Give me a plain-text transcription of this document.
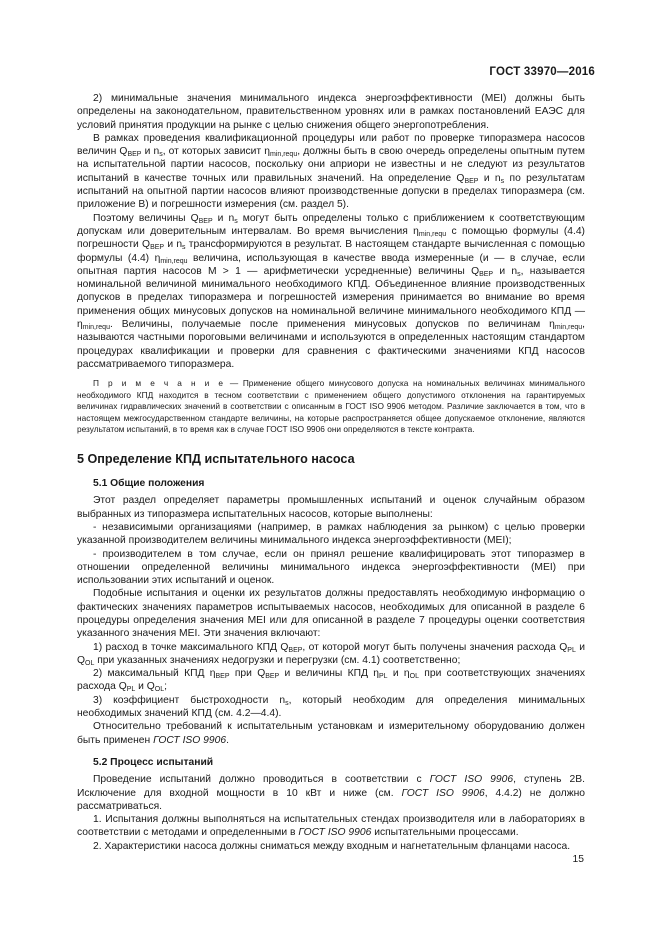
ГОСТ 33970—2016

2) минимальные значения минимального индекса энергоэффективности (MEI) должны быть определены на законодательном, правительственном уровнях или в рамках постановлений ЕАЭС для условий принятия продукции на рынке с целью снижения общего энергопотребления.

В рамках проведения квалификационной процедуры или работ по проверке типоразмера насосов величин $Q_{BEP}$ и $n_s$, от которых зависит $\eta_{min,requ}$, должны быть в свою очередь определены опытным путем на испытательной партии насосов, поскольку они априори не известны и не следуют из результатов испытаний в качестве точных или правильных значений. На определение $Q_{BEP}$ и $n_s$ по результатам испытаний на опытной партии насосов влияют производственные допуски в пределах типоразмера (см. приложение В) и погрешности измерения (см. раздел 5).

Поэтому величины $Q_{BEP}$ и $n_s$ могут быть определены только с приближением к соответствующим допускам или доверительным интервалам. Во время вычисления $\eta_{min,requ}$ с помощью формулы (4.4) погрешности $Q_{BEP}$ и $n_s$ трансформируются в результат. В настоящем стандарте вычисленная с помощью формулы (4.4) $\eta_{min,requ}$ величина, использующая в качестве ввода измеренные (и — в случае, если опытная партия насосов M > 1 — арифметически усредненные) величины $Q_{BEP}$ и $n_s$, называется номинальной величиной минимального необходимого КПД. Объединенное влияние производственных допусков в пределах типоразмера и погрешностей измерения принимается во внимание во время применения общих минусовых допусков на номинальной величине минимального необходимого КПД — $\eta_{min,requ}$. Величины, получаемые после применения минусовых допусков по величинам $\eta_{min,requ}$, называются частными пороговыми величинами и используются в определенных настоящим стандартом процедурах квалификации и проверки для сравнения с фактическими значениями КПД насосов рассматриваемого типоразмера.

П р и м е ч а н и е — Применение общего минусового допуска на номинальных величинах минимального необходимого КПД находится в тесном соответствии с применением общего допустимого отклонения на гарантируемых величинах гидравлических значений в соответствии с описанным в ГОСТ ISO 9906 методом. Различие заключается в том, что в настоящем межгосударственном стандарте величины, на которые распространяется общее допускаемое отклонение, являются результатом испытаний, в то время как в случае ГОСТ ISO 9906 они определяются в тексте контракта.

5 Определение КПД испытательного насоса
5.1 Общие положения

Этот раздел определяет параметры промышленных испытаний и оценок случайным образом выбранных из типоразмера испытательных насосов, которые выполнены:

- независимыми организациями (например, в рамках наблюдения за рынком) с целью проверки указанной производителем величины минимального индекса энергоэффективности (MEI);

- производителем в том случае, если он принял решение квалифицировать этот типоразмер в отношении определенной величины минимального индекса энергоэффективности (MEI) при использовании этих испытаний и оценок.

Подобные испытания и оценки их результатов должны предоставлять необходимую информацию о фактических значениях параметров испытываемых насосов, необходимых для описанной в разделе 6 процедуры определения значения MEI или для описанной в разделе 7 процедуры оценки соответствия указанного значения MEI. Эти значения включают:

1) расход в точке максимального КПД $Q_{BEP}$, от которой могут быть получены значения расхода $Q_{PL}$ и $Q_{OL}$ при указанных значениях недогрузки и перегрузки (см. 4.1) соответственно;

2) максимальный КПД $\eta_{BEP}$ при $Q_{BEP}$ и величины КПД $\eta_{PL}$ и $\eta_{OL}$ при соответствующих значениях расхода $Q_{PL}$ и $Q_{OL}$;

3) коэффициент быстроходности $n_s$, который необходим для определения минимальных необходимых значений КПД (см. 4.2—4.4).

Относительно требований к испытательным установкам и измерительному оборудованию должен быть применен ГОСТ ISO 9906.

5.2 Процесс испытаний

Проведение испытаний должно проводиться в соответствии с ГОСТ ISO 9906, ступень 2В. Исключение для входной мощности в 10 кВт и ниже (см. ГОСТ ISO 9906, 4.4.2) не должно рассматриваться.

1. Испытания должны выполняться на испытательных стендах производителя или в лабораториях в соответствии с методами и определенными в ГОСТ ISO 9906 испытательными процессами.

2. Характеристики насоса должны сниматься между входным и нагнетательным фланцами насоса.

15
